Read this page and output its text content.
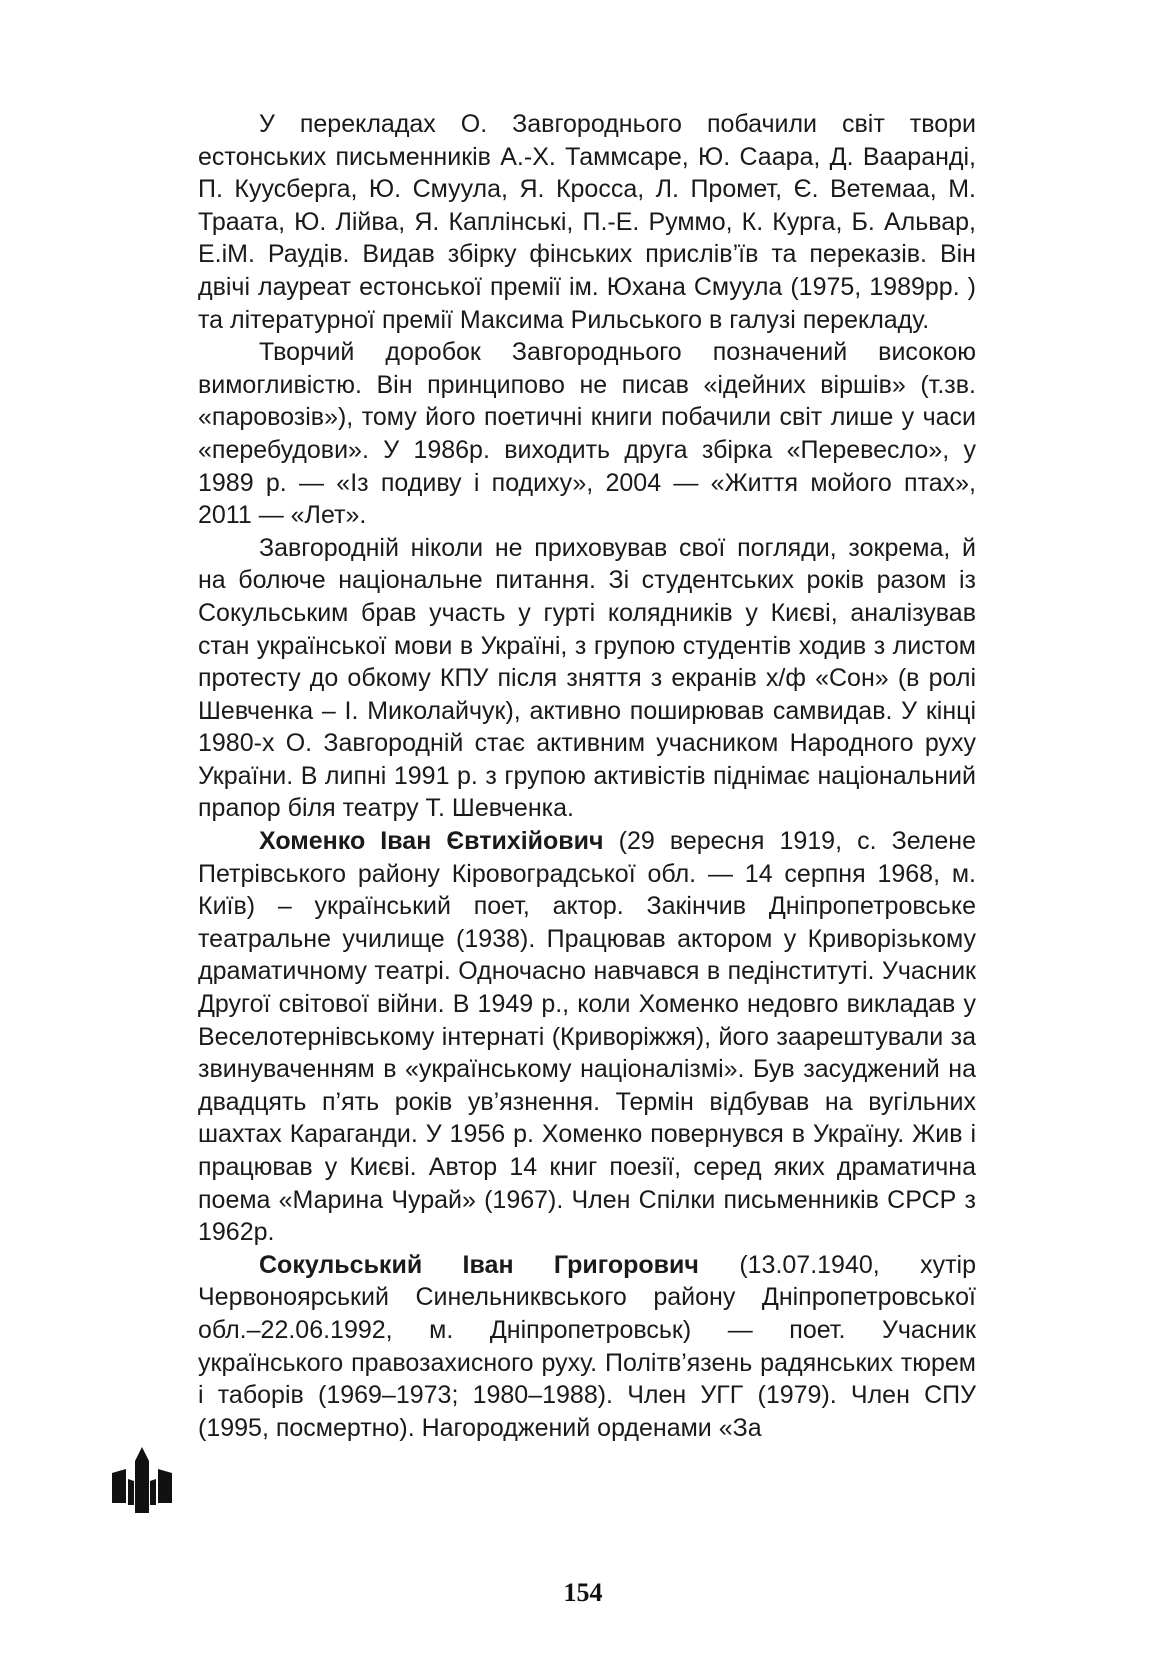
У перекладах О. Завгороднього побачили світ твори естонських письменників А.-Х. Таммсаре, Ю. Саара, Д. Ваaранді, П. Куусберга, Ю. Смуула, Я. Кросса, Л. Промет, Є. Ветемаа, М. Траата, Ю. Лійва, Я. Каплінські, П.-Е. Руммо, К. Курга, Б. Альвар, Е.іМ. Раудів. Видав збірку фінських прислів’їв та переказів. Він двічі лауреат естонської премії ім. Юхана Смуула (1975, 1989рр. ) та літературної премії Максима Рильського в галузі перекладу.

Творчий доробок Завгороднього позначений високою вимогливістю. Він принципово не писав «ідейних віршів» (т.зв. «паровозів»), тому його поетичні книги побачили світ лише у часи «перебудови». У 1986р. виходить друга збірка «Перевесло», у 1989 р. — «Із подиву і подиху», 2004 — «Життя мойого птах», 2011 — «Лет».

Завгородній ніколи не приховував свої погляди, зокрема, й на болюче національне питання. Зі студентських років разом із Сокульським брав участь у гурті колядників у Києві, аналізував стан української мови в Україні, з групою студентів ходив з листом протесту до обкому КПУ після зняття з екранів х/ф «Сон» (в ролі Шевченка – І. Миколайчук), активно поширював самвидав. У кінці 1980-х О. Завгородній стає активним учасником Народного руху України. В липні 1991 р. з групою активістів піднімає національний прапор біля театру Т. Шевченка.

Хоменко Іван Євтихійович (29 вересня 1919, с. Зелене Петрівського району Кіровоградської обл. — 14 серпня 1968, м. Київ) – український поет, актор. Закінчив Дніпропетровське театральне училище (1938). Працював актором у Криворізькому драматичному театрі. Одночасно навчався в педінституті. Учасник Другої світової війни. В 1949 р., коли Хоменко недовго викладав у Веселотернівському інтернаті (Криворіжжя), його заарештували за звинуваченням в «українському націоналізмі». Був засуджений на двадцять п’ять років ув’язнення. Термін відбував на вугільних шахтах Караганди. У 1956 р. Хоменко повернувся в Україну. Жив і працював у Києві. Автор 14 книг поезії, серед яких драматична поема «Марина Чурай» (1967). Член Спілки письменників СРСР з 1962р.

Сокульський Іван Григорович (13.07.1940, хутір Червоноярський Синельниквського району Дніпропетровської обл.–22.06.1992, м. Дніпропетровськ) — поет. Учасник українського правозахисного руху. Політв’язень радянських тюрем і таборів (1969–1973; 1980–1988). Член УГГ (1979). Член СПУ (1995, посмертно). Нагороджений орденами «За

154
